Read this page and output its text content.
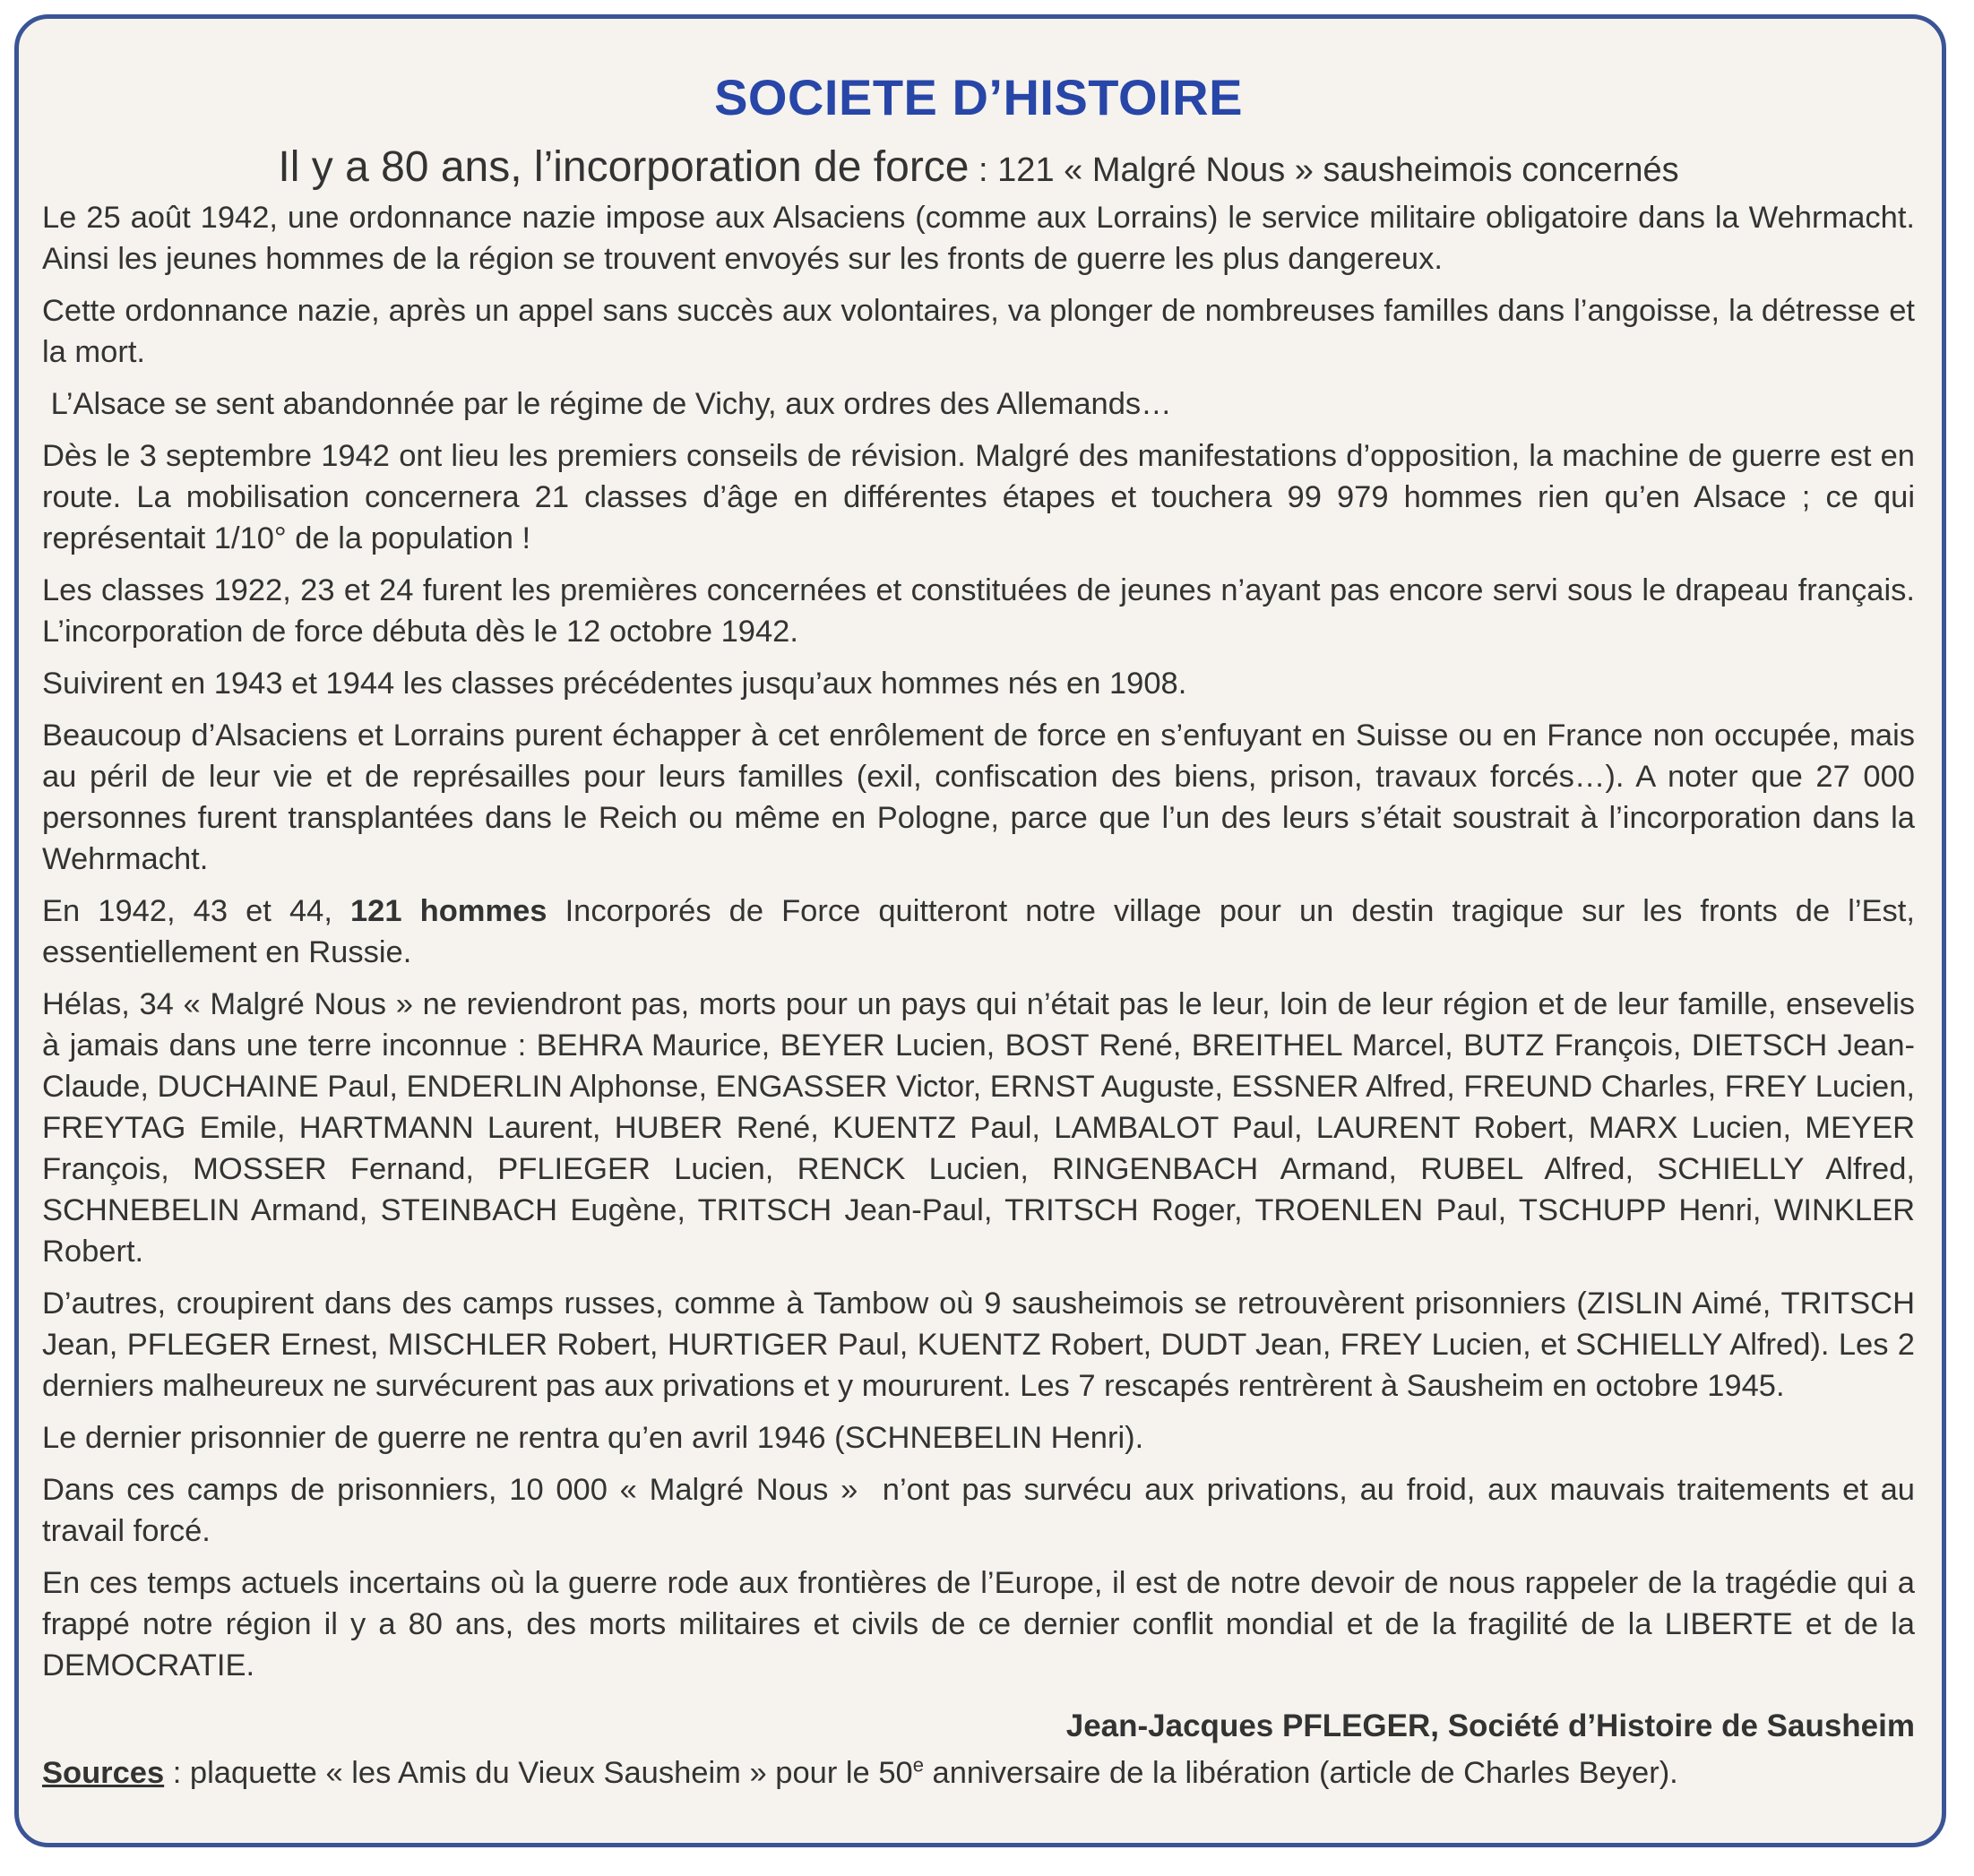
SOCIETE D’HISTOIRE
Il y a 80 ans, l’incorporation de force : 121 « Malgré Nous » sausheimois concernés

Le 25 août 1942, une ordonnance nazie impose aux Alsaciens (comme aux Lorrains) le service militaire obligatoire dans la Wehrmacht. Ainsi les jeunes hommes de la région se trouvent envoyés sur les fronts de guerre les plus dangereux.

Cette ordonnance nazie, après un appel sans succès aux volontaires, va plonger de nombreuses familles dans l’angoisse, la détresse et la mort.

L’Alsace se sent abandonnée par le régime de Vichy, aux ordres des Allemands…

Dès le 3 septembre 1942 ont lieu les premiers conseils de révision. Malgré des manifestations d’opposition, la machine de guerre est en route. La mobilisation concernera 21 classes d’âge en différentes étapes et touchera 99 979 hommes rien qu’en Alsace ; ce qui représentait 1/10° de la population !

Les classes 1922, 23 et 24 furent les premières concernées et constituées de jeunes n’ayant pas encore servi sous le drapeau français. L’incorporation de force débuta dès le 12 octobre 1942.

Suivirent en 1943 et 1944 les classes précédentes jusqu’aux hommes nés en 1908.

Beaucoup d’Alsaciens et Lorrains purent échapper à cet enrôlement de force en s’enfuyant en Suisse ou en France non occupée, mais au péril de leur vie et de représailles pour leurs familles (exil, confiscation des biens, prison, travaux forcés…). A noter que 27 000 personnes furent transplantées dans le Reich ou même en Pologne, parce que l’un des leurs s’était soustrait à l’incorporation dans la Wehrmacht.

En 1942, 43 et 44, 121 hommes Incorporés de Force quitteront notre village pour un destin tragique sur les fronts de l’Est, essentiellement en Russie.

Hélas, 34 « Malgré Nous » ne reviendront pas, morts pour un pays qui n’était pas le leur, loin de leur région et de leur famille, ensevelis à jamais dans une terre inconnue : BEHRA Maurice, BEYER Lucien, BOST René, BREITHEL Marcel, BUTZ François, DIETSCH Jean-Claude, DUCHAINE Paul, ENDERLIN Alphonse, ENGASSER Victor, ERNST Auguste, ESSNER Alfred, FREUND Charles, FREY Lucien, FREYTAG Emile, HARTMANN Laurent, HUBER René, KUENTZ Paul, LAMBALOT Paul, LAURENT Robert, MARX Lucien, MEYER François, MOSSER Fernand, PFLIEGER Lucien, RENCK Lucien, RINGENBACH Armand, RUBEL Alfred, SCHIELLY Alfred, SCHNEBELIN Armand, STEINBACH Eugène, TRITSCH Jean-Paul, TRITSCH Roger, TROENLEN Paul, TSCHUPP Henri, WINKLER Robert.

D’autres, croupirent dans des camps russes, comme à Tambow où 9 sausheimois se retrouvèrent prisonniers (ZISLIN Aimé, TRITSCH Jean, PFLEGER Ernest, MISCHLER Robert, HURTIGER Paul, KUENTZ Robert, DUDT Jean, FREY Lucien, et SCHIELLY Alfred). Les 2 derniers malheureux ne survécurent pas aux privations et y moururent. Les 7 rescapés rentrèrent à Sausheim en octobre 1945.

Le dernier prisonnier de guerre ne rentra qu’en avril 1946 (SCHNEBELIN Henri).

Dans ces camps de prisonniers, 10 000 « Malgré Nous »  n’ont pas survécu aux privations, au froid, aux mauvais traitements et au travail forcé.

En ces temps actuels incertains où la guerre rode aux frontières de l’Europe, il est de notre devoir de nous rappeler de la tragédie qui a frappé notre région il y a 80 ans, des morts militaires et civils de ce dernier conflit mondial et de la fragilité de la LIBERTE et de la DEMOCRATIE.

Jean-Jacques PFLEGER, Société d’Histoire de Sausheim

Sources : plaquette « les Amis du Vieux Sausheim » pour le 50e anniversaire de la libération (article de Charles Beyer).
